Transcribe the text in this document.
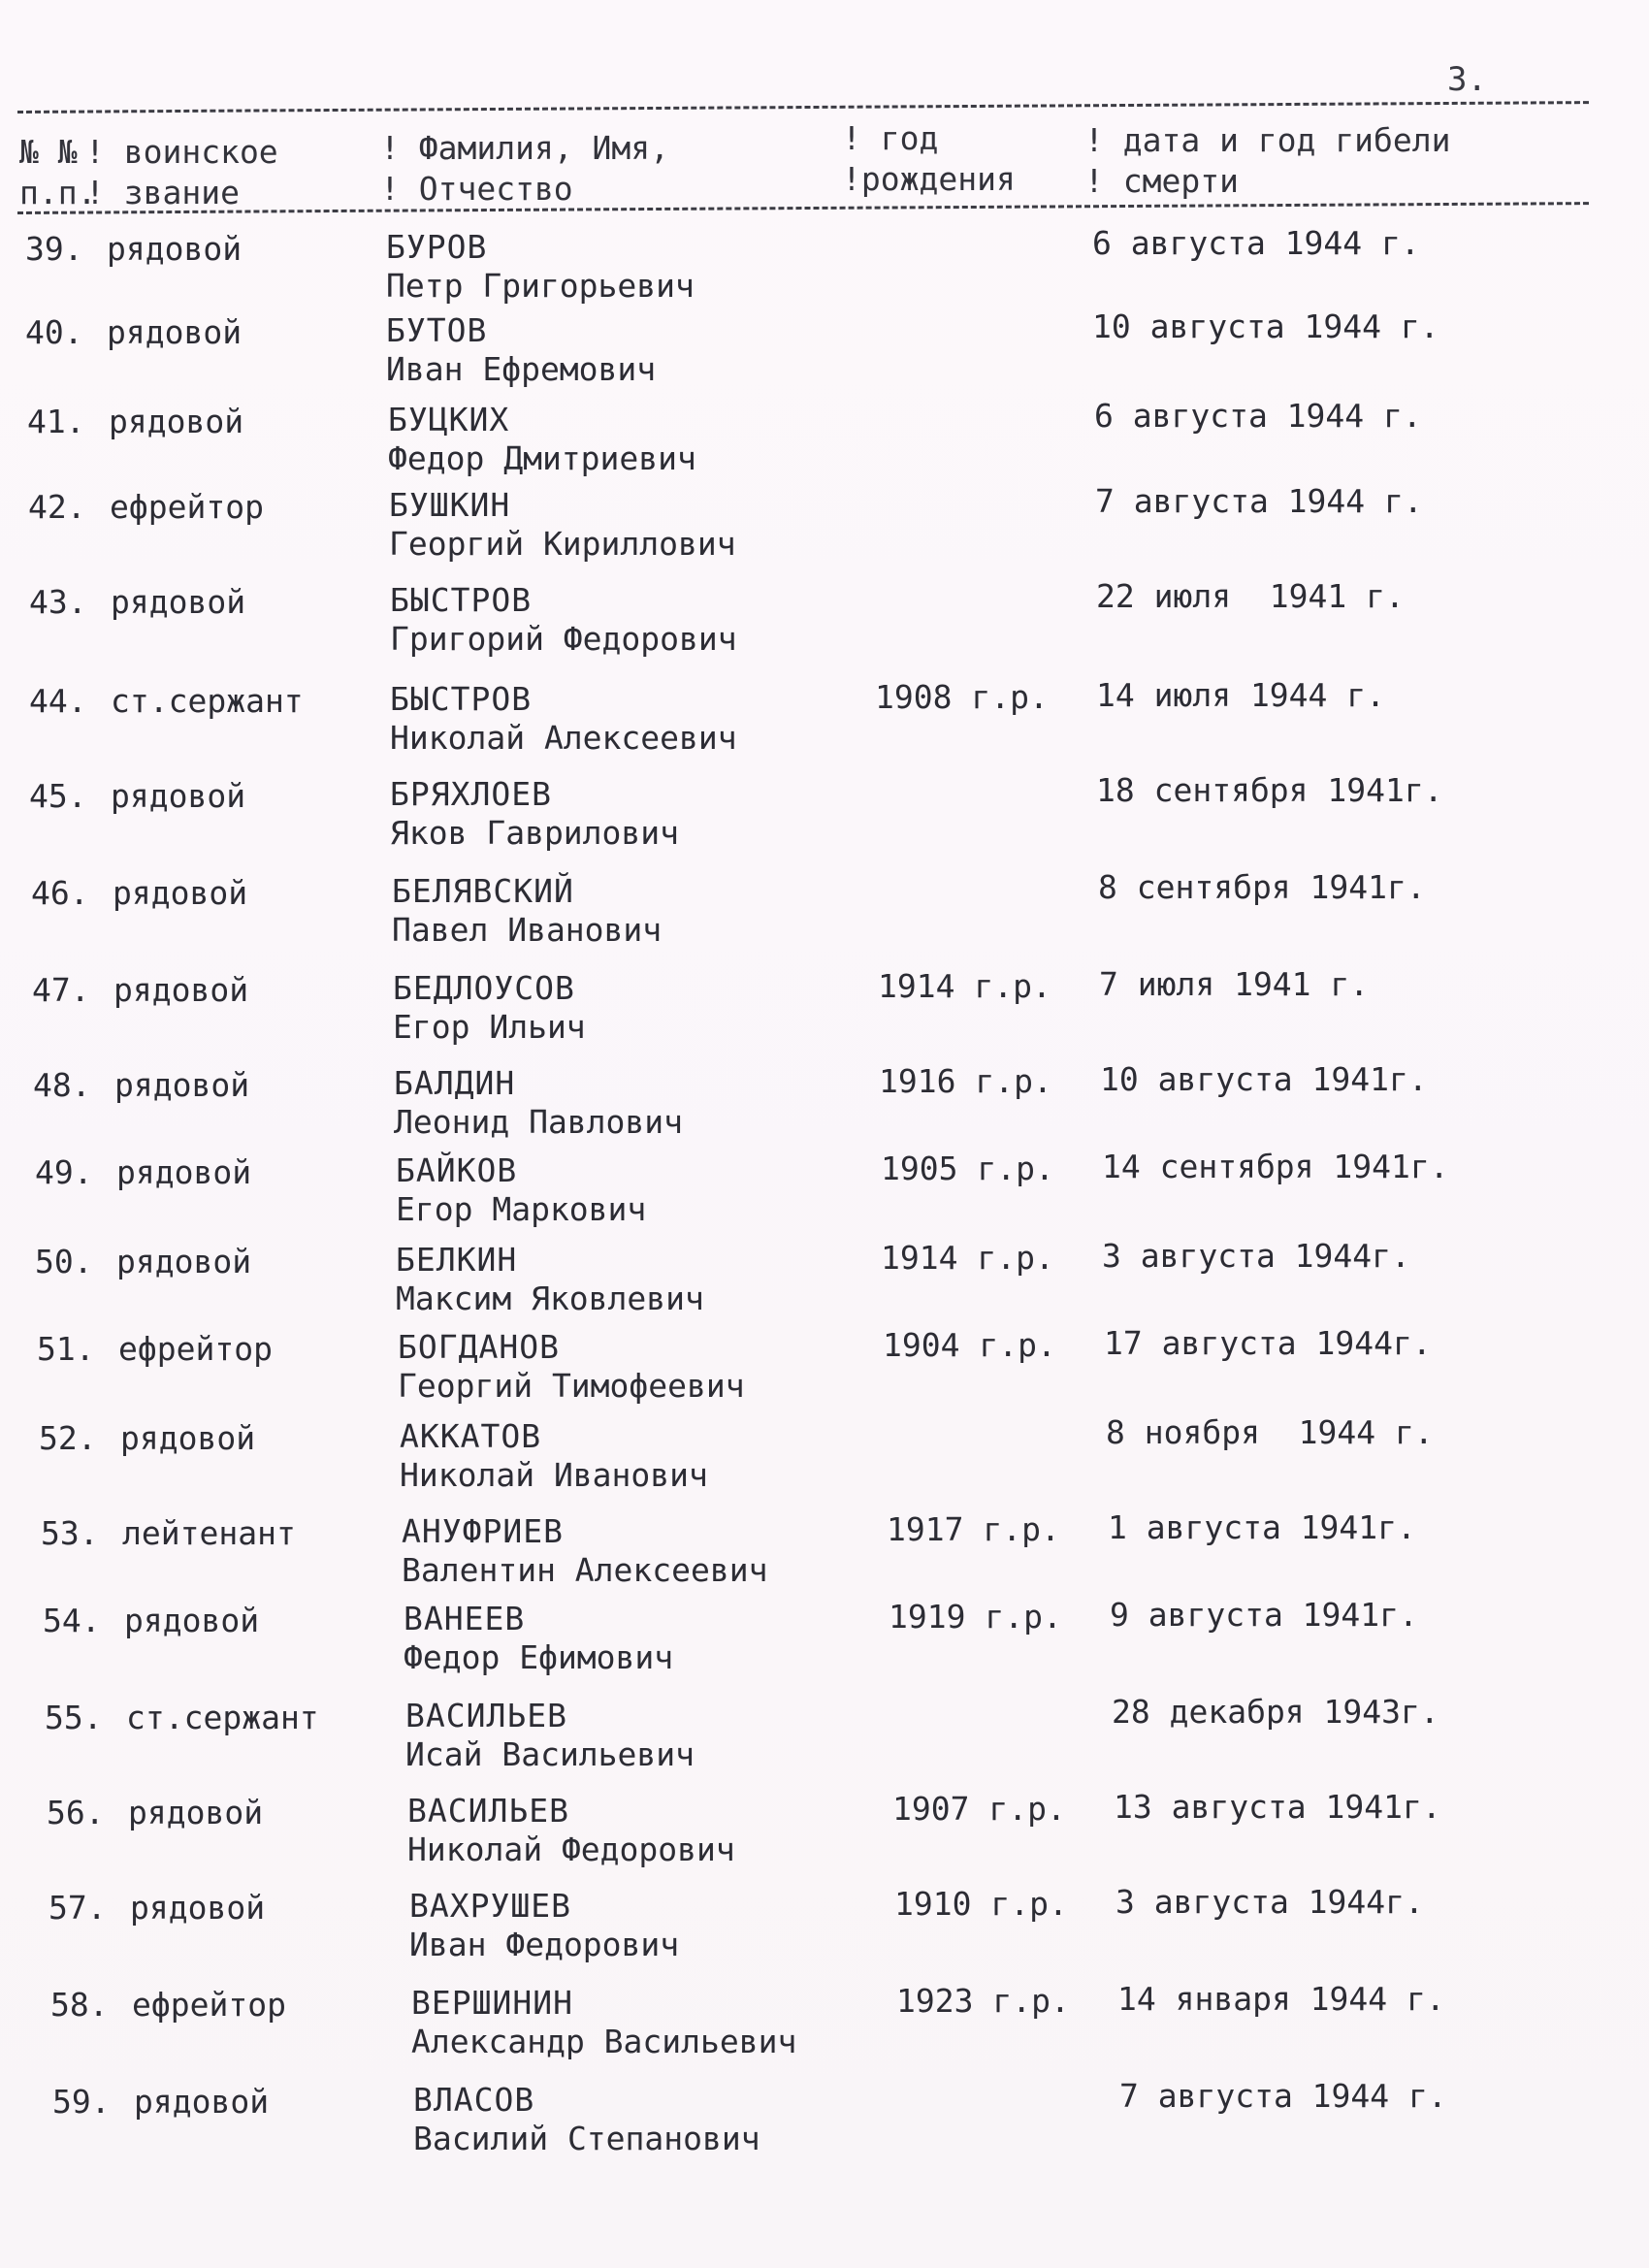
3.
№ №
п.п.
! воинское
! звание
! Фамилия, Имя,
! Отчество
! год
!рождения
! дата и год гибели
! смерти
39. рядовой	БУРОВ
Петр Григорьевич
6 августа 1944 г.
40. рядовой	БУТОВ
Иван Ефремович
10 августа 1944 г.
41. рядовой	БУЦКИХ
Федор Дмитриевич
6 августа 1944 г.
42. ефрейтор	БУШКИН
Георгий Кириллович
7 августа 1944 г.
43. рядовой	БЫСТРОВ
Григорий Федорович
22 июля  1941 г.
44. ст.сержант	БЫСТРОВ
Николай Алексеевич
1908 г.р. 14 июля 1944 г.
45. рядовой	БРЯХЛОЕВ
Яков Гаврилович
18 сентября 1941г.
46. рядовой	БЕЛЯВСКИЙ
Павел Иванович
8 сентября 1941г.
47. рядовой	БЕДЛОУСОВ
Егор Ильич
1914 г.р. 7 июля 1941 г.
48. рядовой	БАЛДИН
Леонид Павлович
1916 г.р. 10 августа 1941г.
49. рядовой	БАЙКОВ
Егор Маркович
1905 г.р. 14 сентября 1941г.
50. рядовой	БЕЛКИН
Максим Яковлевич
1914 г.р. 3 августа 1944г.
51. ефрейтор	БОГДАНОВ
Георгий Тимофеевич
1904 г.р. 17 августа 1944г.
52. рядовой	АККАТОВ
Николай Иванович
8 ноября  1944 г.
53. лейтенант	АНУФРИЕВ
Валентин Алексеевич
1917 г.р. 1 августа 1941г.
54. рядовой	ВАНЕЕВ
Федор Ефимович
1919 г.р. 9 августа 1941г.
55. ст.сержант	ВАСИЛЬЕВ
Исай Васильевич
28 декабря 1943г.
56. рядовой	ВАСИЛЬЕВ
Николай Федорович
1907 г.р. 13 августа 1941г.
57. рядовой	ВАХРУШЕВ
Иван Федорович
1910 г.р. 3 августа 1944г.
58. ефрейтор	ВЕРШИНИН
Александр Васильевич
1923 г.р. 14 января 1944 г.
59. рядовой	ВЛАСОВ
Василий Степанович
7 августа 1944 г.
